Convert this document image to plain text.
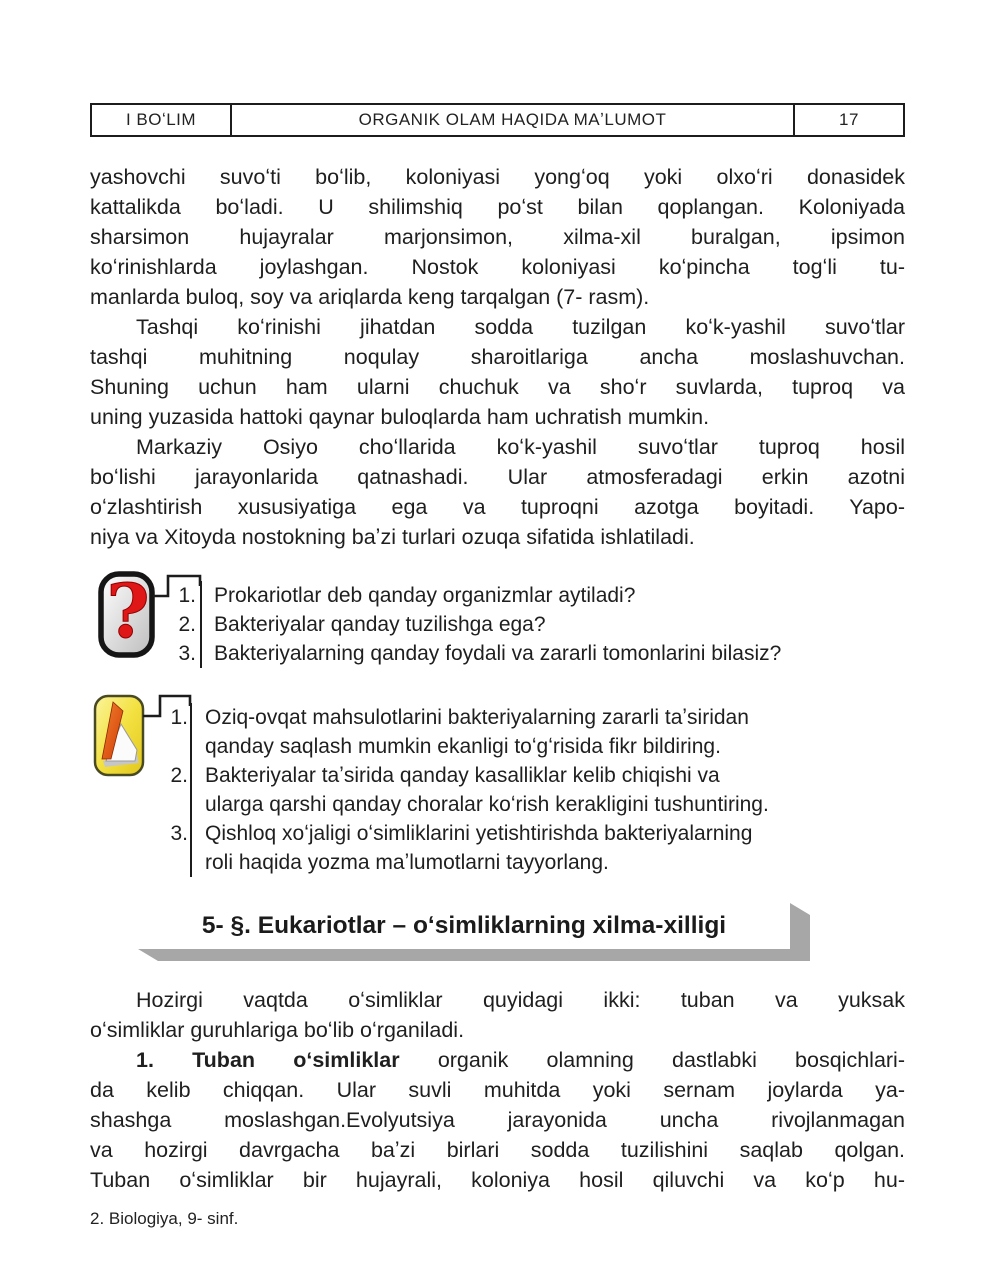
I BOʻLIM	ORGANIK OLAM HAQIDA MAʼLUMOT	17
yashovchi suvoʻti boʻlib, koloniyasi yongʻoq yoki olxoʻri donasidek
kattalikda boʻladi. U shilimshiq poʻst bilan qoplangan. Koloniyada
sharsimon hujayralar marjonsimon, xilma-xil buralgan, ipsimon
koʻrinishlarda joylashgan. Nostok koloniyasi koʻpincha togʻli tu-
manlarda buloq, soy va ariqlarda keng tarqalgan (7- rasm).
Tashqi koʻrinishi jihatdan sodda tuzilgan koʻk-yashil suvoʻtlar
tashqi muhitning noqulay sharoitlariga ancha moslashuvchan.
Shuning uchun ham ularni chuchuk va shoʻr suvlarda, tuproq va
uning yuzasida hattoki qaynar buloqlarda ham uchratish mumkin.
Markaziy Osiyo choʻllarida koʻk-yashil suvoʻtlar tuproq hosil
boʻlishi jarayonlarida qatnashadi. Ular atmosferadagi erkin azotni
oʻzlashtirish xususiyatiga ega va tuproqni azotga boyitadi. Yapo-
niya va Xitoyda nostokning baʼzi turlari ozuqa sifatida ishlatiladi.
?	1. Prokariotlar deb qanday organizmlar aytiladi?
2. Bakteriyalar qanday tuzilishga ega?
3. Bakteriyalarning qanday foydali va zararli tomonlarini bilasiz?
1. Oziq-ovqat mahsulotlarini bakteriyalarning zararli taʼsiridan
qanday saqlash mumkin ekanligi toʻgʻrisida fikr bildiring.
2. Bakteriyalar taʼsirida qanday kasalliklar kelib chiqishi va
ularga qarshi qanday choralar koʻrish kerakligini tushuntiring.
3. Qishloq xoʻjaligi oʻsimliklarini yetishtirishda bakteriyalarning
roli haqida yozma maʼlumotlarni tayyorlang.
5- §. Eukariotlar – oʻsimliklarning xilma-xilligi
Hozirgi vaqtda oʻsimliklar quyidagi ikki: tuban va yuksak
oʻsimliklar guruhlariga boʻlib oʻrganiladi.
1. Tuban oʻsimliklar organik olamning dastlabki bosqichlari-
da kelib chiqqan. Ular suvli muhitda yoki sernam joylarda ya-
shashga moslashgan.Evolyutsiya jarayonida uncha rivojlanmagan
va hozirgi davrgacha baʼzi birlari sodda tuzilishini saqlab qolgan.
Tuban oʻsimliklar bir hujayrali, koloniya hosil qiluvchi va koʻp hu-
2. Biologiya, 9- sinf.
